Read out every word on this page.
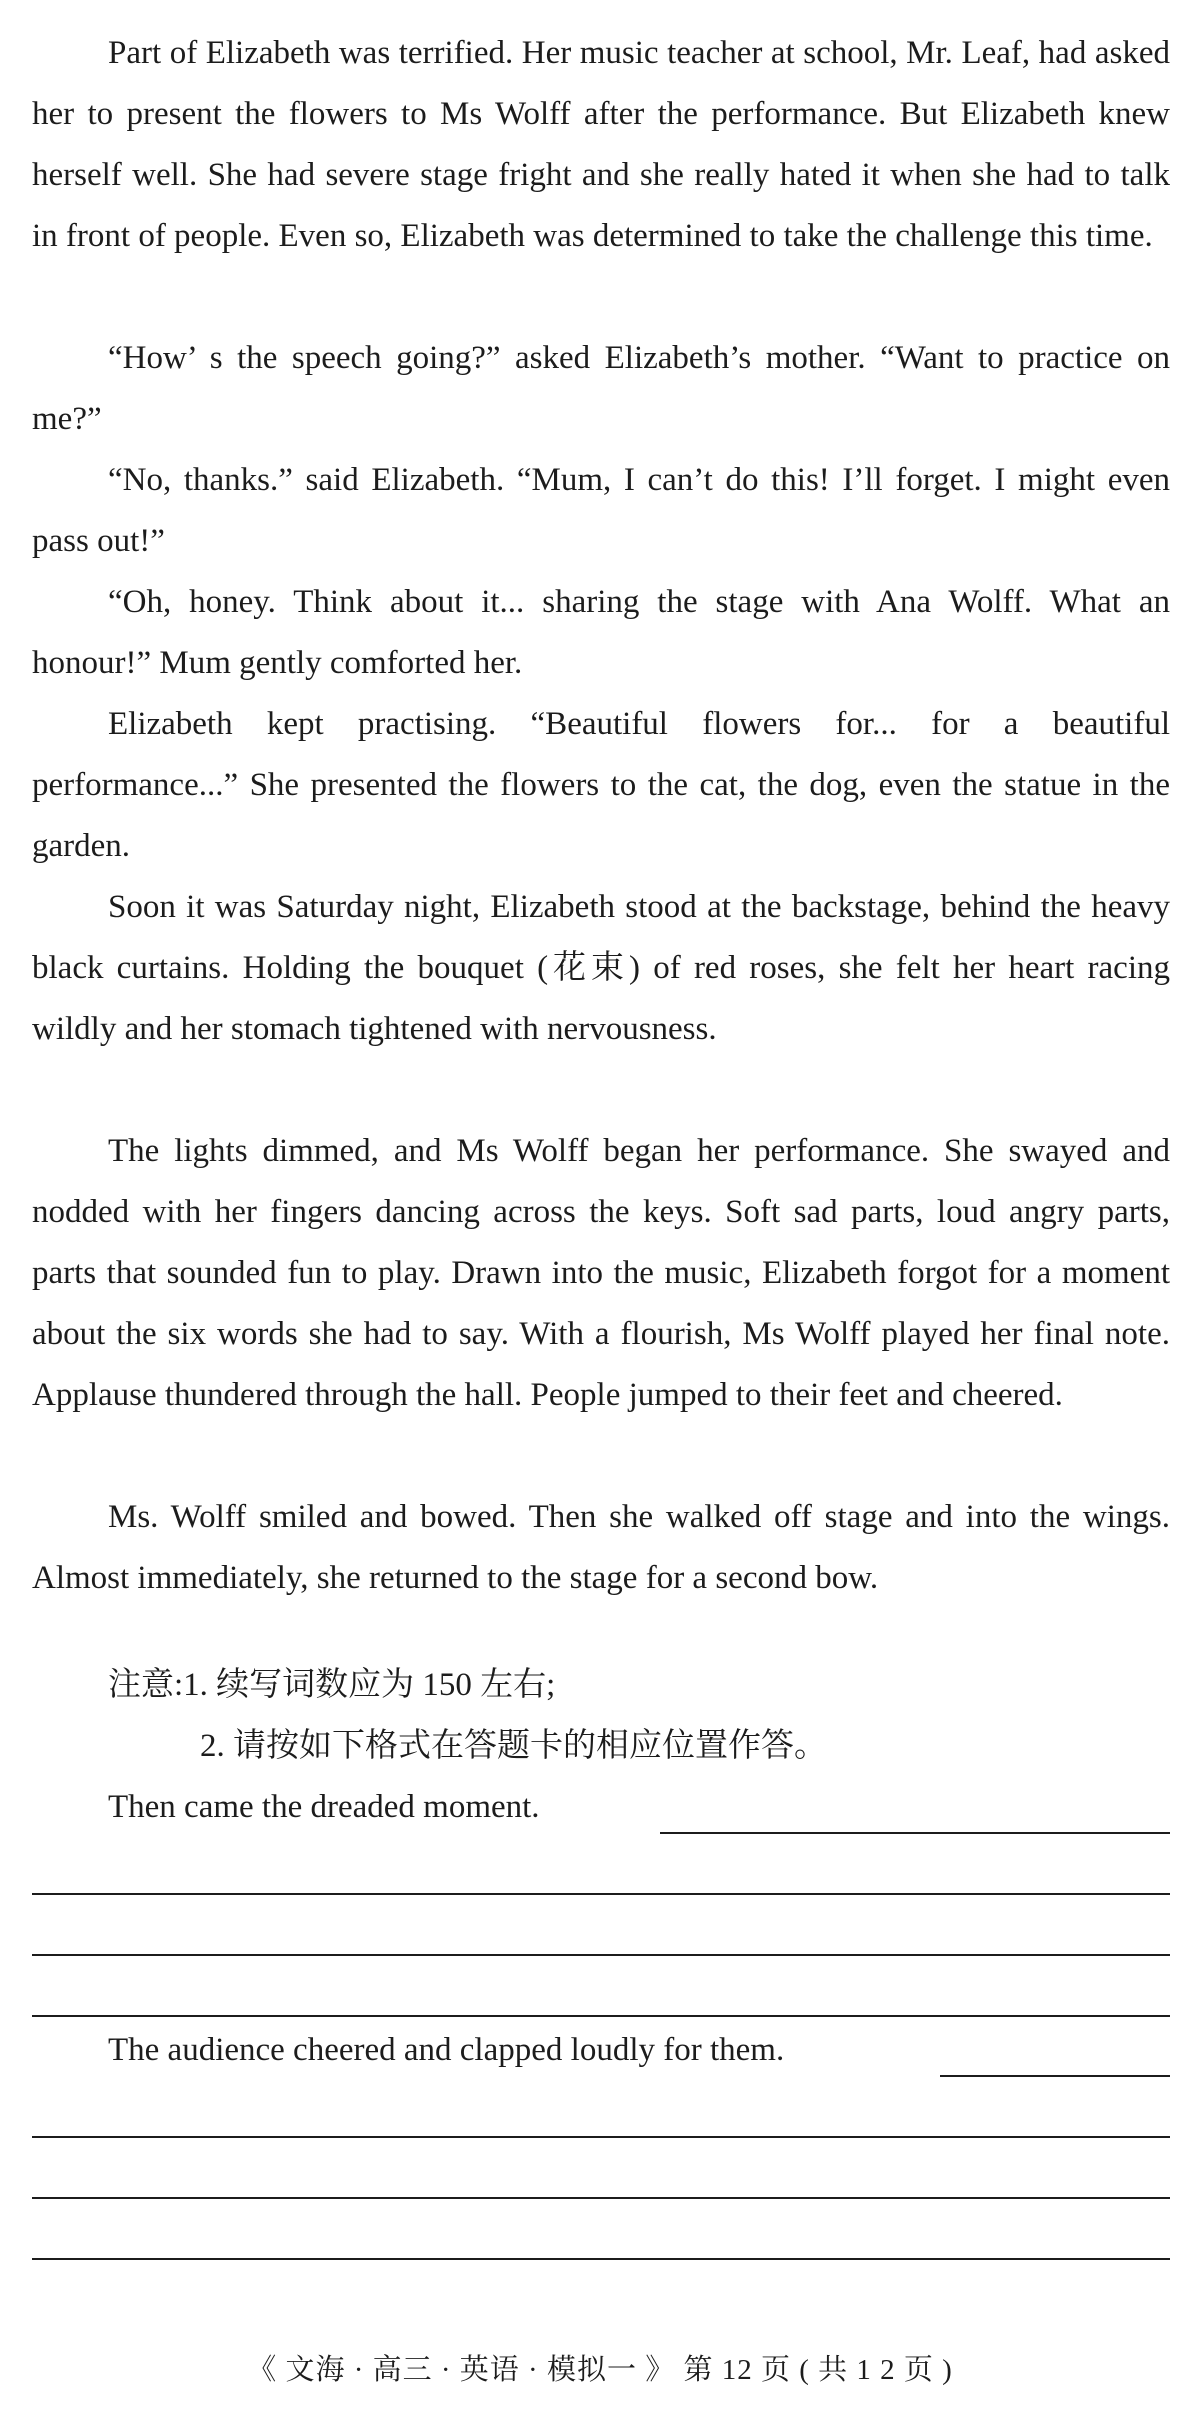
Part of Elizabeth was terrified. Her music teacher at school, Mr. Leaf, had asked her to present the flowers to Ms Wolff after the performance. But Elizabeth knew herself well. She had severe stage fright and she really hated it when she had to talk in front of people. Even so, Elizabeth was determined to take the challenge this time.

“How’ s the speech going?” asked Elizabeth’s mother. “Want to practice on me?”

“No, thanks.” said Elizabeth. “Mum, I can’t do this! I’ll forget. I might even pass out!”

“Oh, honey. Think about it... sharing the stage with Ana Wolff. What an honour!” Mum gently comforted her.

Elizabeth kept practising. “Beautiful flowers for... for a beautiful performance...” She presented the flowers to the cat, the dog, even the statue in the garden.

Soon it was Saturday night, Elizabeth stood at the backstage, behind the heavy black curtains. Holding the bouquet (花束) of red roses, she felt her heart racing wildly and her stomach tightened with nervousness.

The lights dimmed, and Ms Wolff began her performance. She swayed and nodded with her fingers dancing across the keys. Soft sad parts, loud angry parts, parts that sounded fun to play. Drawn into the music, Elizabeth forgot for a moment about the six words she had to say. With a flourish, Ms Wolff played her final note. Applause thundered through the hall. People jumped to their feet and cheered.

Ms. Wolff smiled and bowed. Then she walked off stage and into the wings. Almost immediately, she returned to the stage for a second bow.

注意:1. 续写词数应为 150 左右;
2. 请按如下格式在答题卡的相应位置作答。
Then came the dreaded moment.
The audience cheered and clapped loudly for them.
《 文海 · 高三 · 英语 · 模拟一 》 第 12 页 ( 共 1 2 页 )
